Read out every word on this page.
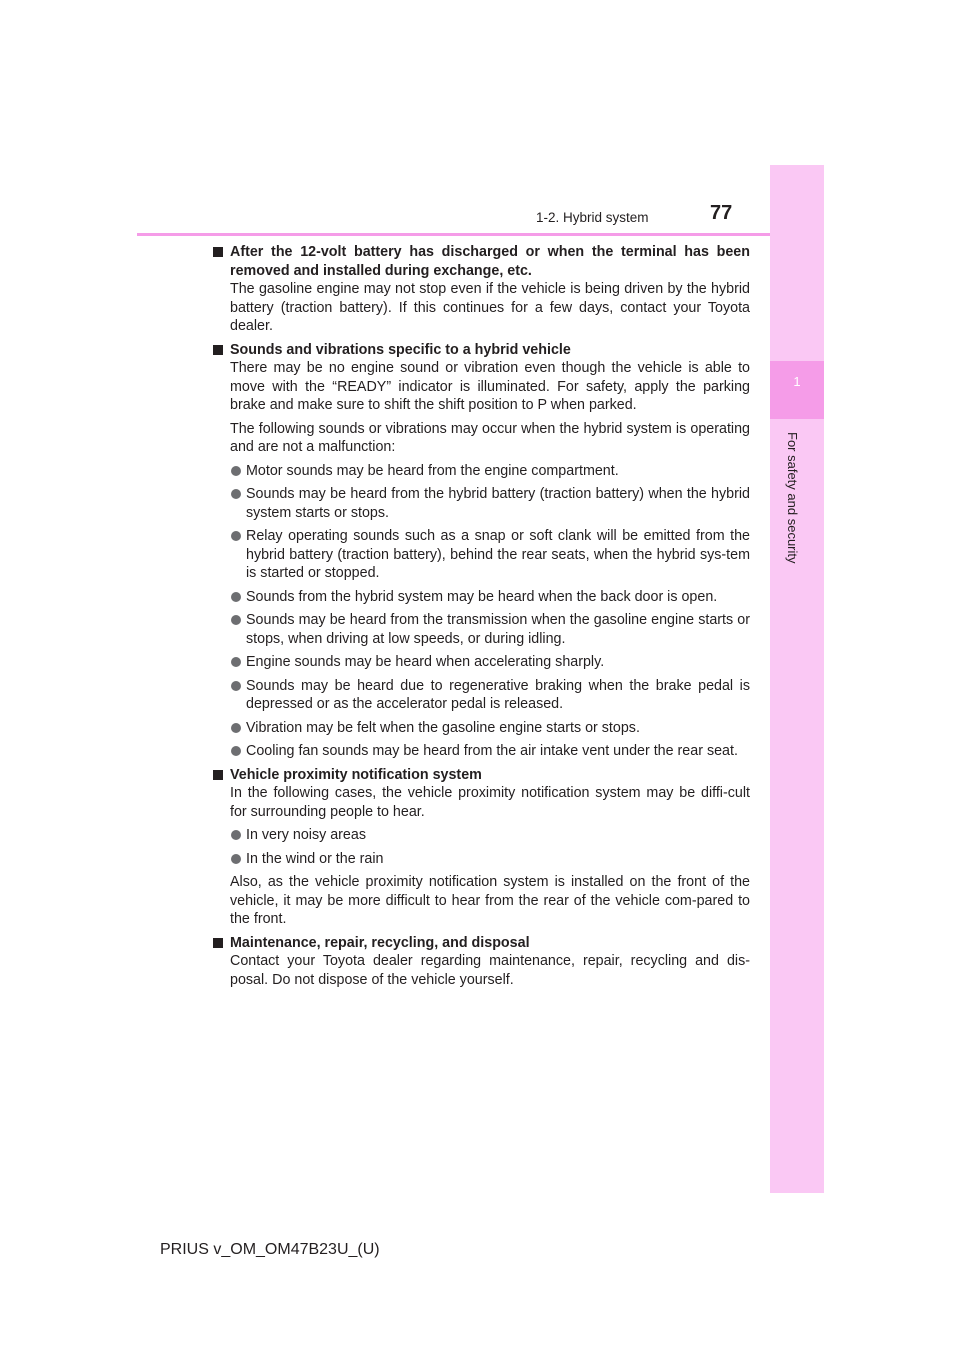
1
For safety and security
1-2. Hybrid system	77
After the 12-volt battery has discharged or when the terminal has been removed and installed during exchange, etc.

The gasoline engine may not stop even if the vehicle is being driven by the hybrid battery (traction battery). If this continues for a few days, contact your Toyota dealer.

Sounds and vibrations specific to a hybrid vehicle

There may be no engine sound or vibration even though the vehicle is able to move with the “READY” indicator is illuminated. For safety, apply the parking brake and make sure to shift the shift position to P when parked.

The following sounds or vibrations may occur when the hybrid system is operating and are not a malfunction:

Motor sounds may be heard from the engine compartment.
Sounds may be heard from the hybrid battery (traction battery) when the hybrid system starts or stops.
Relay operating sounds such as a snap or soft clank will be emitted from the hybrid battery (traction battery), behind the rear seats, when the hybrid sys-tem is started or stopped.
Sounds from the hybrid system may be heard when the back door is open.
Sounds may be heard from the transmission when the gasoline engine starts or stops, when driving at low speeds, or during idling.
Engine sounds may be heard when accelerating sharply.
Sounds may be heard due to regenerative braking when the brake pedal is depressed or as the accelerator pedal is released.
Vibration may be felt when the gasoline engine starts or stops.
Cooling fan sounds may be heard from the air intake vent under the rear seat.
Vehicle proximity notification system

In the following cases, the vehicle proximity notification system may be diffi-cult for surrounding people to hear.

In very noisy areas
In the wind or the rain

Also, as the vehicle proximity notification system is installed on the front of the vehicle, it may be more difficult to hear from the rear of the vehicle com-pared to the front.

Maintenance, repair, recycling, and disposal

Contact your Toyota dealer regarding maintenance, repair, recycling and dis-posal. Do not dispose of the vehicle yourself.

PRIUS v_OM_OM47B23U_(U)
